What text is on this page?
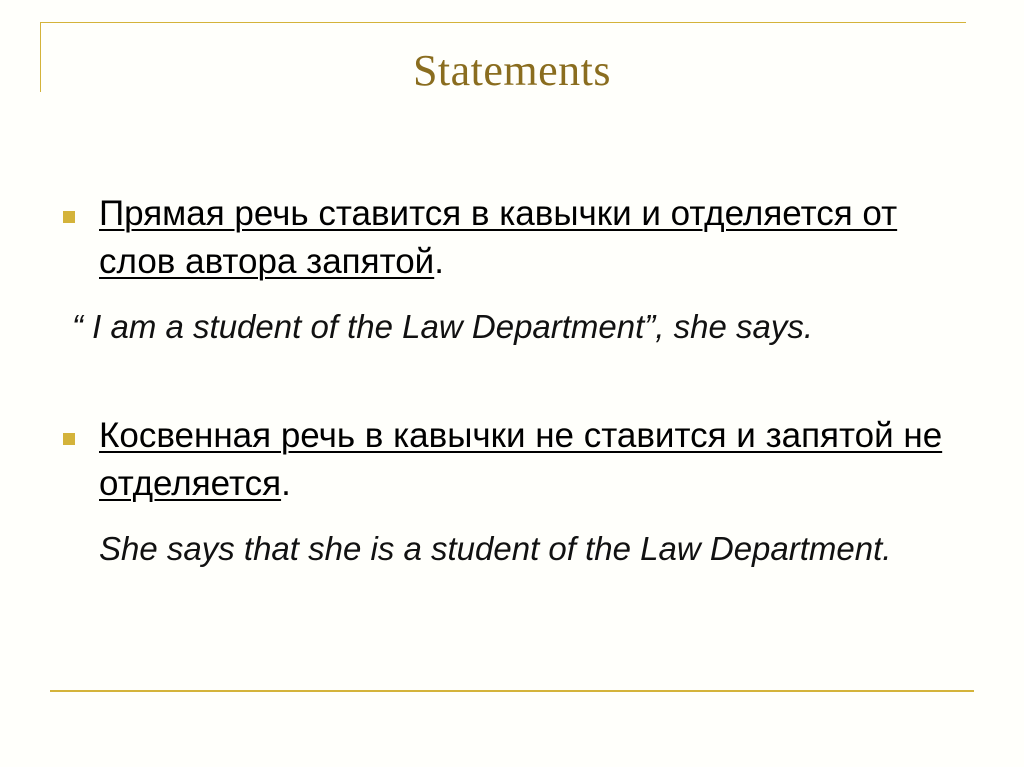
Statements
Прямая речь ставится в кавычки и отделяется от слов автора запятой.
“ I am a student of the Law Department”, she says.
Косвенная речь в кавычки не ставится и запятой не отделяется.
She says that she is a student of the Law Department.
